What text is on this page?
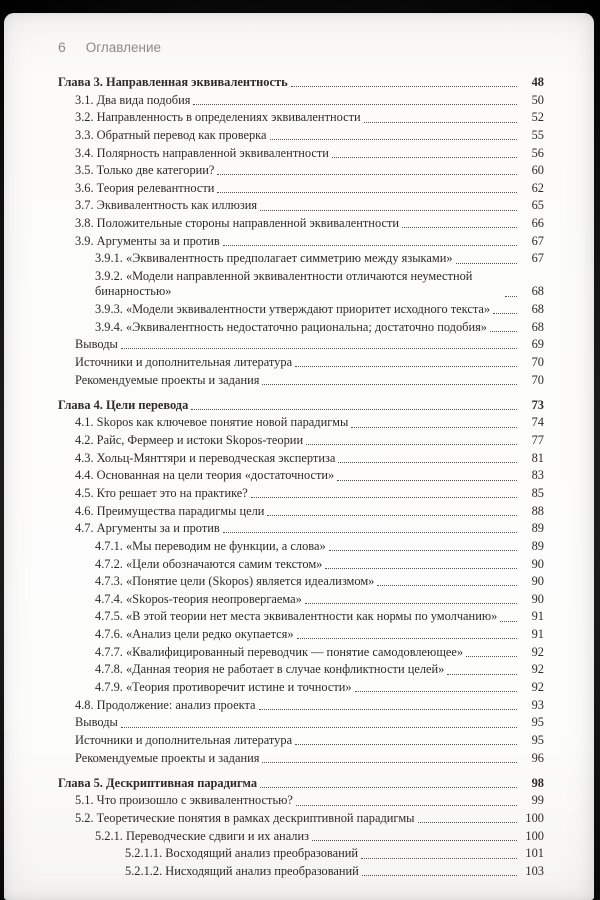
6 Оглавление
Глава 3. Направленная эквивалентность	48
3.1. Два вида подобия	50
3.2. Направленность в определениях эквивалентности	52
3.3. Обратный перевод как проверка	55
3.4. Полярность направленной эквивалентности	56
3.5. Только две категории?	60
3.6. Теория релевантности	62
3.7. Эквивалентность как иллюзия	65
3.8. Положительные стороны направленной эквивалентности	66
3.9. Аргументы за и против	67
3.9.1. «Эквивалентность предполагает симметрию между языками»	67
3.9.2. «Модели направленной эквивалентности отличаются неуместной бинарностью»	68
3.9.3. «Модели эквивалентности утверждают приоритет исходного текста»	68
3.9.4. «Эквивалентность недостаточно рациональна; достаточно подобия»	68
Выводы	69
Источники и дополнительная литература	70
Рекомендуемые проекты и задания	70
Глава 4. Цели перевода	73
4.1. Skopos как ключевое понятие новой парадигмы	74
4.2. Райс, Фермеер и истоки Skopos-теории	77
4.3. Хольц-Мянттяри и переводческая экспертиза	81
4.4. Основанная на цели теория «достаточности»	83
4.5. Кто решает это на практике?	85
4.6. Преимущества парадигмы цели	88
4.7. Аргументы за и против	89
4.7.1. «Мы переводим не функции, а слова»	89
4.7.2. «Цели обозначаются самим текстом»	90
4.7.3. «Понятие цели (Skopos) является идеализмом»	90
4.7.4. «Skopos-теория неопровергаема»	90
4.7.5. «В этой теории нет места эквивалентности как нормы по умолчанию»	91
4.7.6. «Анализ цели редко окупается»	91
4.7.7. «Квалифицированный переводчик — понятие самодовлеющее»	92
4.7.8. «Данная теория не работает в случае конфликтности целей»	92
4.7.9. «Теория противоречит истине и точности»	92
4.8. Продолжение: анализ проекта	93
Выводы	95
Источники и дополнительная литература	95
Рекомендуемые проекты и задания	96
Глава 5. Дескриптивная парадигма	98
5.1. Что произошло с эквивалентностью?	99
5.2. Теоретические понятия в рамках дескриптивной парадигмы	100
5.2.1. Переводческие сдвиги и их анализ	100
5.2.1.1. Восходящий анализ преобразований	101
5.2.1.2. Нисходящий анализ преобразований	103
